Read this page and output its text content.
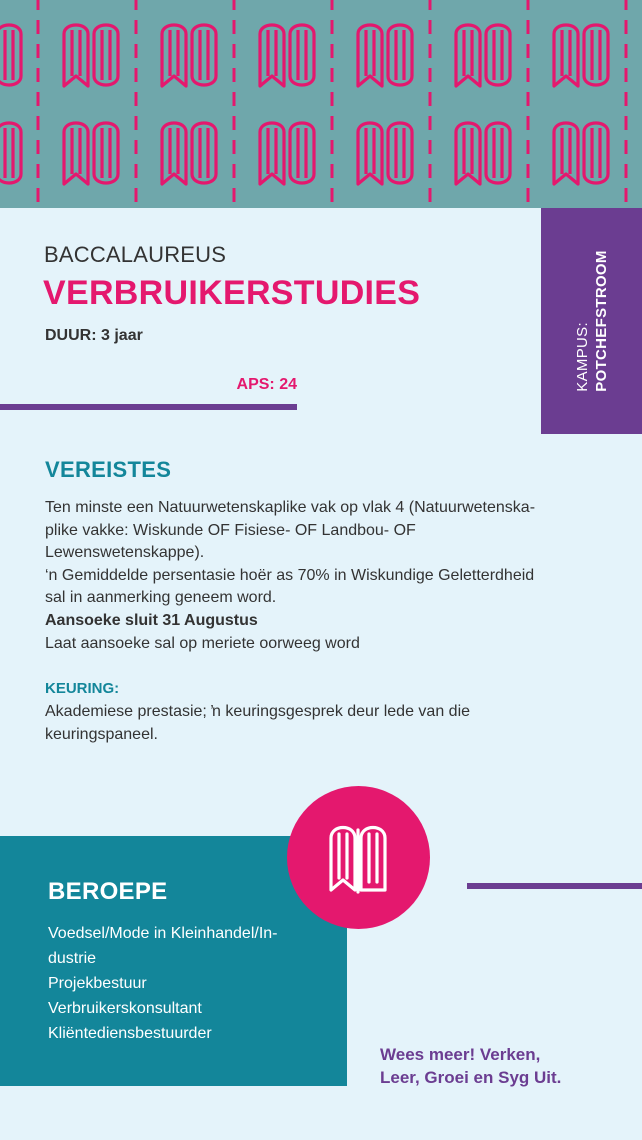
KAMPUS: POTCHEFSTROOM
BACCALAUREUS
VERBRUIKERSTUDIES
DUUR: 3 jaar
APS: 24
VEREISTES

Ten minste een Natuurwetenskaplike vak op vlak 4 (Natuurwetenska-

plike vakke: Wiskunde OF Fisiese- OF Landbou- OF

Lewenswetenskappe).

‘n Gemiddelde persentasie hoër as 70% in Wiskundige Geletterdheid

sal in aanmerking geneem word.

Aansoeke sluit 31 Augustus

Laat aansoeke sal op meriete oorweeg word

KEURING:

Akademiese prestasie; ŉ keuringsgesprek deur lede van die

keuringspaneel.

BEROEPE
Voedsel/Mode in Kleinhandel/In-
dustrie
Projekbestuur
Verbruikerskonsultant
Kliëntediensbestuurder
Wees meer! Verken,
Leer, Groei en Syg Uit.
